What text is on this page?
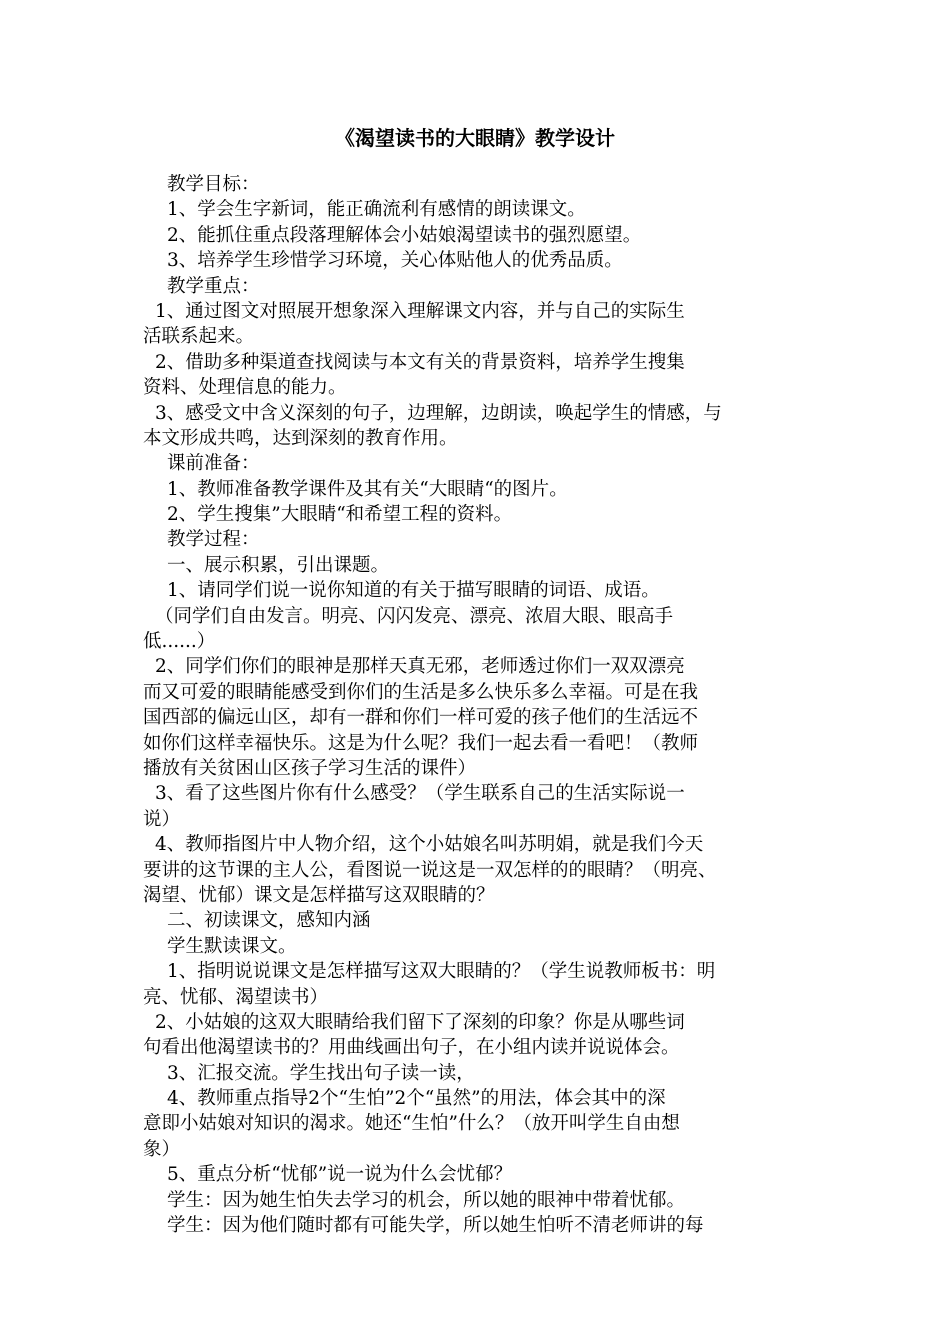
《渴望读书的大眼睛》教学设计
教学目标：
1、学会生字新词，能正确流利有感情的朗读课文。
2、能抓住重点段落理解体会小姑娘渴望读书的强烈愿望。
3、培养学生珍惜学习环境，关心体贴他人的优秀品质。
教学重点：
1、通过图文对照展开想象深入理解课文内容，并与自己的实际生
活联系起来。
2、借助多种渠道查找阅读与本文有关的背景资料，培养学生搜集
资料、处理信息的能力。
3、感受文中含义深刻的句子，边理解，边朗读，唤起学生的情感，与
本文形成共鸣，达到深刻的教育作用。
课前准备：
1、教师准备教学课件及其有关“大眼睛“的图片。
2、学生搜集”大眼睛“和希望工程的资料。
教学过程：
一、展示积累，引出课题。
1、请同学们说一说你知道的有关于描写眼睛的词语、成语。
（同学们自由发言。明亮、闪闪发亮、漂亮、浓眉大眼、眼高手
低......）
2、同学们你们的眼神是那样天真无邪，老师透过你们一双双漂亮
而又可爱的眼睛能感受到你们的生活是多么快乐多么幸福。可是在我
国西部的偏远山区，却有一群和你们一样可爱的孩子他们的生活远不
如你们这样幸福快乐。这是为什么呢？我们一起去看一看吧！（教师
播放有关贫困山区孩子学习生活的课件）
3、看了这些图片你有什么感受？（学生联系自己的生活实际说一
说）
4、教师指图片中人物介绍，这个小姑娘名叫苏明娟，就是我们今天
要讲的这节课的主人公，看图说一说这是一双怎样的的眼睛？（明亮、
渴望、忧郁）课文是怎样描写这双眼睛的？
二、初读课文，感知内涵
学生默读课文。
1、指明说说课文是怎样描写这双大眼睛的？（学生说教师板书：明
亮、忧郁、渴望读书）
2、小姑娘的这双大眼睛给我们留下了深刻的印象？你是从哪些词
句看出他渴望读书的？用曲线画出句子，在小组内读并说说体会。
3、汇报交流。学生找出句子读一读，
4、教师重点指导2个“生怕”2个“虽然”的用法，体会其中的深
意即小姑娘对知识的渴求。她还“生怕”什么？（放开叫学生自由想
象）
5、重点分析“忧郁”说一说为什么会忧郁？
学生：因为她生怕失去学习的机会，所以她的眼神中带着忧郁。
学生：因为他们随时都有可能失学，所以她生怕听不清老师讲的每
